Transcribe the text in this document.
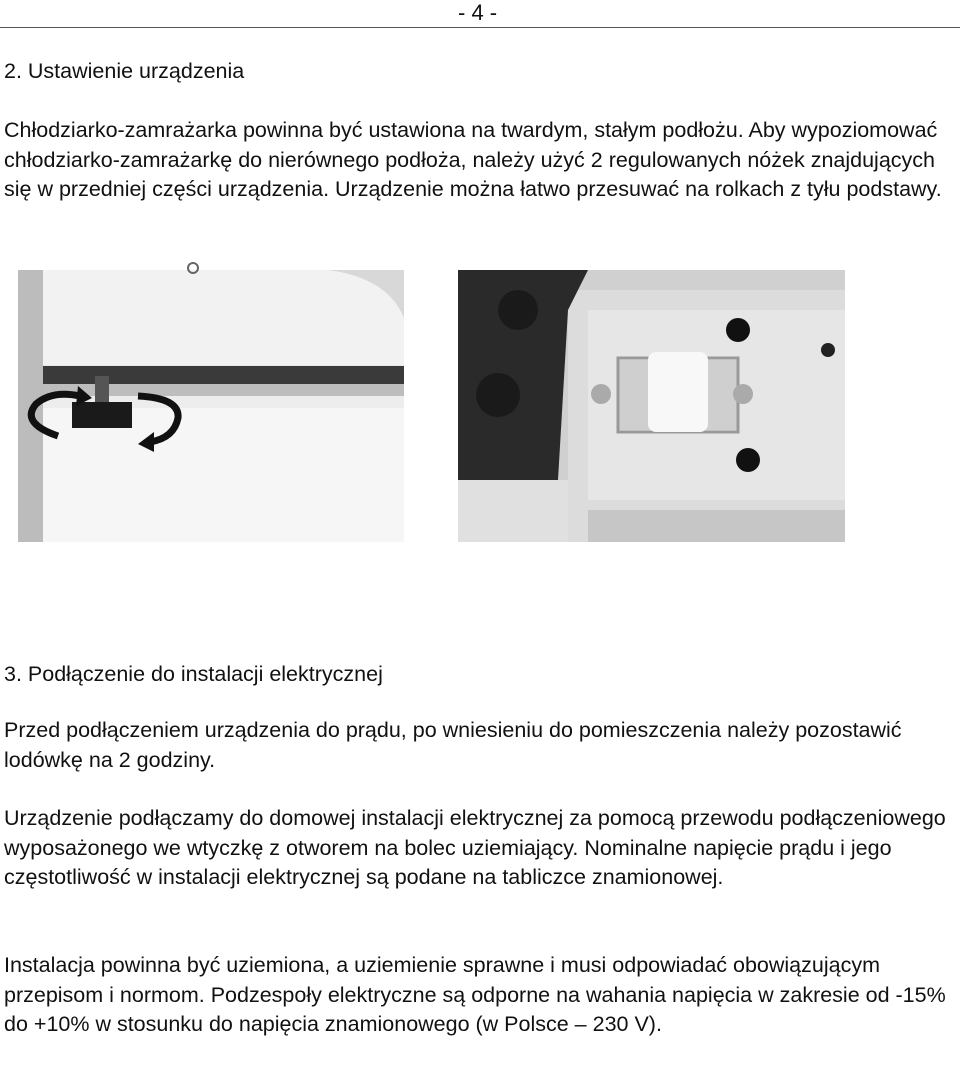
- 4 -
2. Ustawienie urządzenia

Chłodziarko-zamrażarka powinna być ustawiona na twardym, stałym podłożu. Aby wypoziomować chłodziarko-zamrażarkę do nierównego podłoża, należy użyć 2 regulowanych nóżek znajdujących się w przedniej części urządzenia. Urządzenie można łatwo przesuwać na rolkach z tyłu podstawy.

3. Podłączenie do instalacji elektrycznej

Przed podłączeniem urządzenia do prądu, po wniesieniu do pomieszczenia należy pozostawić lodówkę na 2 godziny.

Urządzenie podłączamy do domowej instalacji elektrycznej za pomocą przewodu podłączeniowego wyposażonego we wtyczkę z otworem na bolec uziemiający. Nominalne napięcie prądu i jego częstotliwość w instalacji elektrycznej są podane na tabliczce znamionowej.

Instalacja powinna być uziemiona, a uziemienie sprawne i musi odpowiadać obowiązującym przepisom i normom. Podzespoły elektryczne są odporne na wahania napięcia w zakresie od -15% do +10% w stosunku do napięcia znamionowego (w Polsce – 230 V).
